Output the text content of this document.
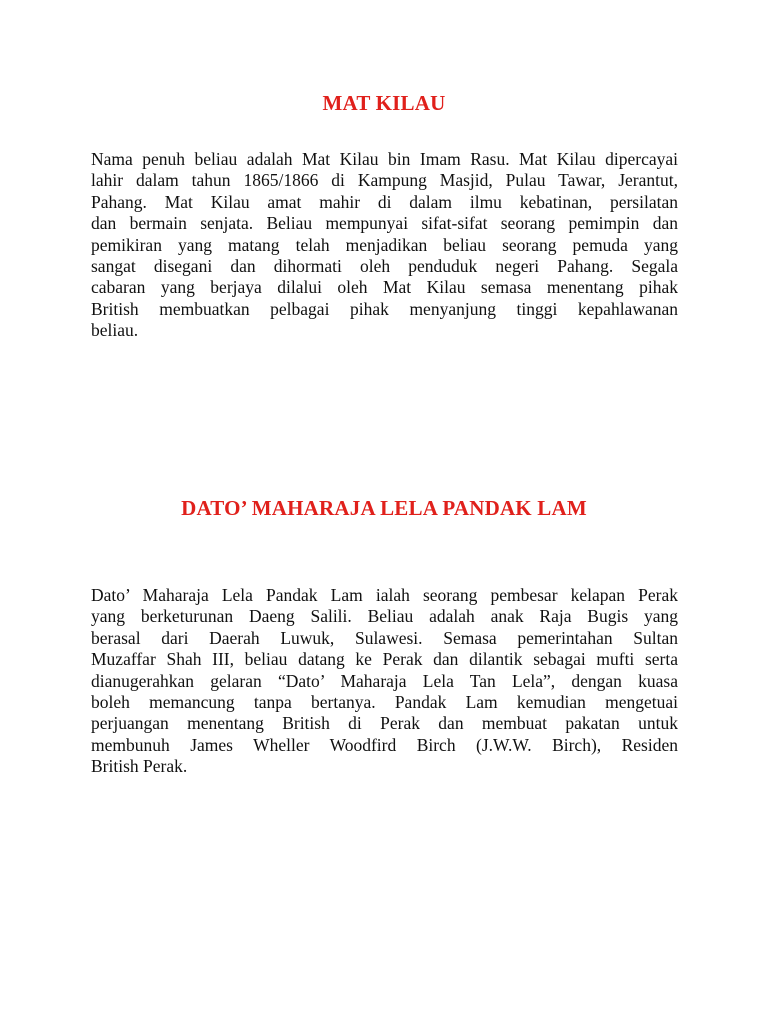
MAT KILAU

Nama penuh beliau adalah Mat Kilau bin Imam Rasu. Mat Kilau dipercayai
lahir dalam tahun 1865/1866 di Kampung Masjid, Pulau Tawar, Jerantut,
Pahang. Mat Kilau amat mahir di dalam ilmu kebatinan, persilatan
dan bermain senjata. Beliau mempunyai sifat-sifat seorang pemimpin dan
pemikiran yang matang telah menjadikan beliau seorang pemuda yang
sangat disegani dan dihormati oleh penduduk negeri Pahang. Segala
cabaran yang berjaya dilalui oleh Mat Kilau semasa menentang pihak
British membuatkan pelbagai pihak menyanjung tinggi kepahlawanan
beliau.

DATO’ MAHARAJA LELA PANDAK LAM

Dato’ Maharaja Lela Pandak Lam ialah seorang pembesar kelapan Perak
yang berketurunan Daeng Salili. Beliau adalah anak Raja Bugis yang
berasal dari Daerah Luwuk, Sulawesi. Semasa pemerintahan Sultan
Muzaffar Shah III, beliau datang ke Perak dan dilantik sebagai mufti serta
dianugerahkan gelaran “Dato’ Maharaja Lela Tan Lela”, dengan kuasa
boleh memancung tanpa bertanya. Pandak Lam kemudian mengetuai
perjuangan menentang British di Perak dan membuat pakatan untuk
membunuh James Wheller Woodfird Birch (J.W.W. Birch), Residen
British Perak.
